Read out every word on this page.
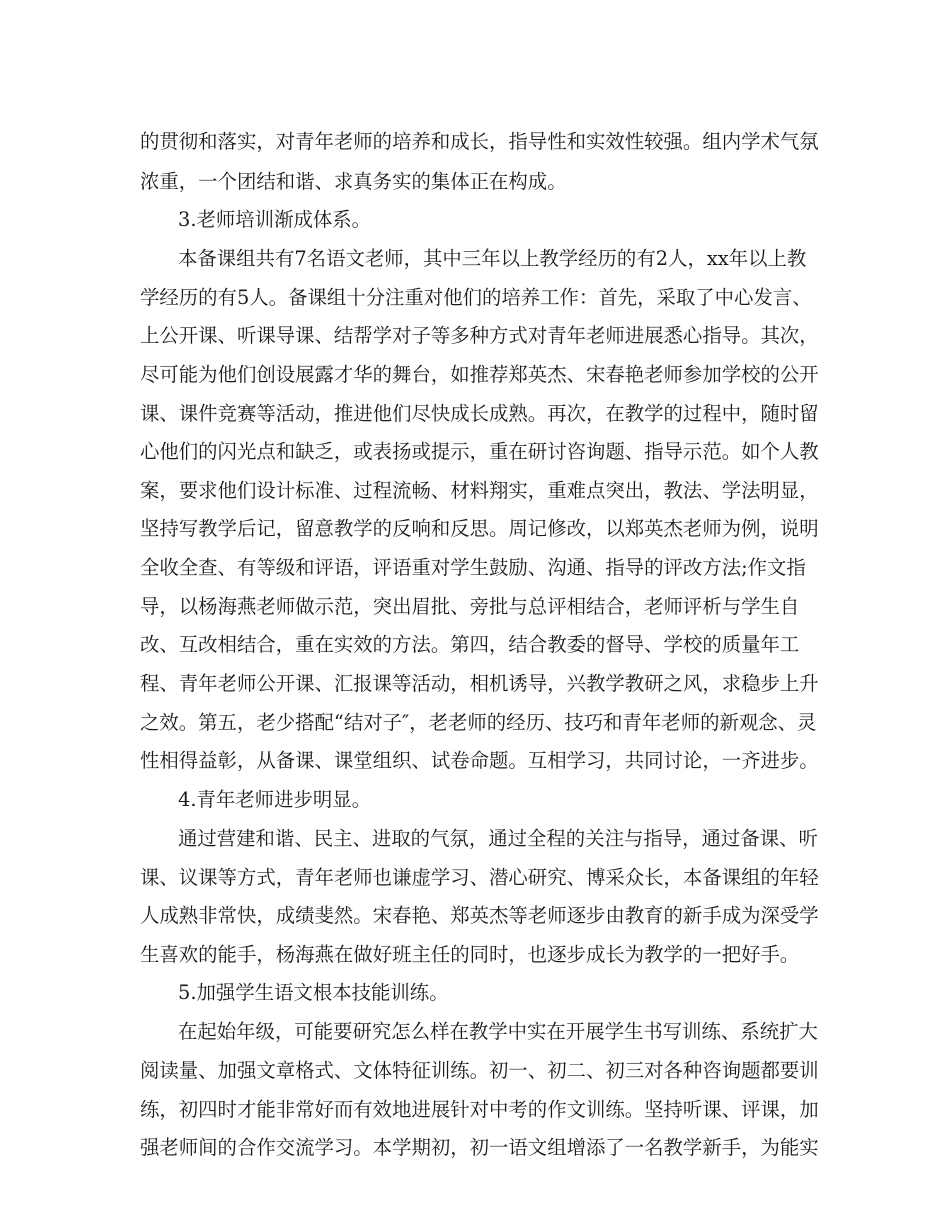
的贯彻和落实，对青年老师的培养和成长，指导性和实效性较强。组内学术气氛
浓重，一个团结和谐、求真务实的集体正在构成。
3.老师培训渐成体系。
本备课组共有7名语文老师，其中三年以上教学经历的有2人，xx年以上教
学经历的有5人。备课组十分注重对他们的培养工作：首先，采取了中心发言、
上公开课、听课导课、结帮学对子等多种方式对青年老师进展悉心指导。其次，
尽可能为他们创设展露才华的舞台，如推荐郑英杰、宋春艳老师参加学校的公开
课、课件竞赛等活动，推进他们尽快成长成熟。再次，在教学的过程中，随时留
心他们的闪光点和缺乏，或表扬或提示，重在研讨咨询题、指导示范。如个人教
案，要求他们设计标准、过程流畅、材料翔实，重难点突出，教法、学法明显，
坚持写教学后记，留意教学的反响和反思。周记修改，以郑英杰老师为例，说明
全收全查、有等级和评语，评语重对学生鼓励、沟通、指导的评改方法;作文指
导，以杨海燕老师做示范，突出眉批、旁批与总评相结合，老师评析与学生自
改、互改相结合，重在实效的方法。第四，结合教委的督导、学校的质量年工
程、青年老师公开课、汇报课等活动，相机诱导，兴教学教研之风，求稳步上升
之效。第五，老少搭配“结对子″，老老师的经历、技巧和青年老师的新观念、灵
性相得益彰，从备课、课堂组织、试卷命题。互相学习，共同讨论，一齐进步。
4.青年老师进步明显。
通过营建和谐、民主、进取的气氛，通过全程的关注与指导，通过备课、听
课、议课等方式，青年老师也谦虚学习、潜心研究、博采众长，本备课组的年轻
人成熟非常快，成绩斐然。宋春艳、郑英杰等老师逐步由教育的新手成为深受学
生喜欢的能手，杨海燕在做好班主任的同时，也逐步成长为教学的一把好手。
5.加强学生语文根本技能训练。
在起始年级，可能要研究怎么样在教学中实在开展学生书写训练、系统扩大
阅读量、加强文章格式、文体特征训练。初一、初二、初三对各种咨询题都要训
练，初四时才能非常好而有效地进展针对中考的作文训练。坚持听课、评课，加
强老师间的合作交流学习。本学期初，初一语文组增添了一名教学新手，为能实
